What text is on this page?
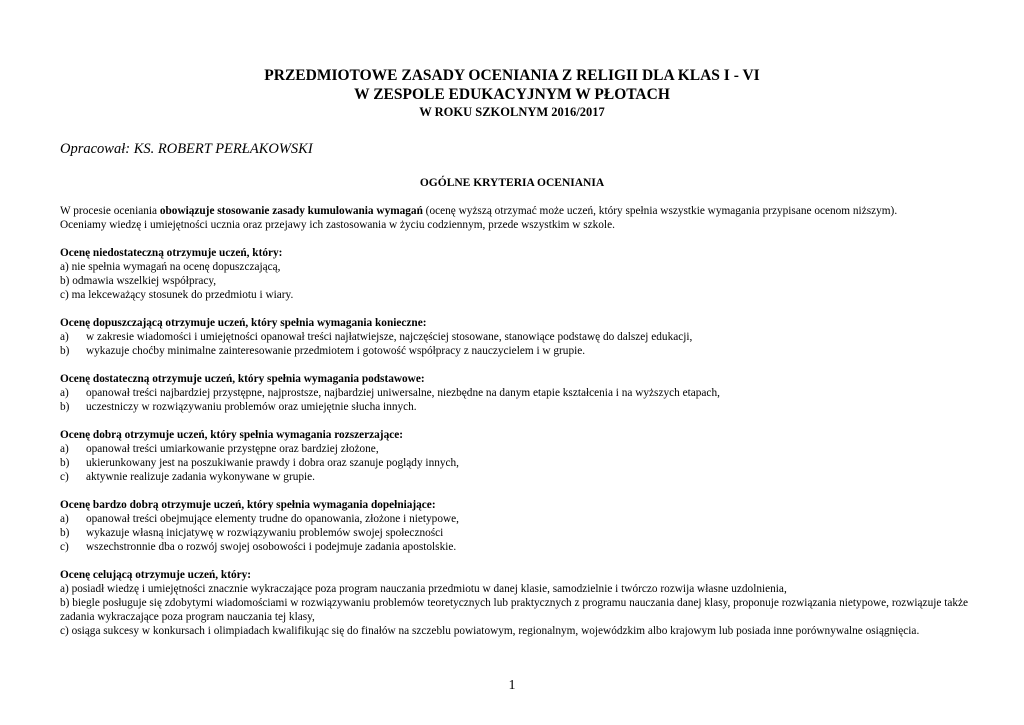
PRZEDMIOTOWE ZASADY OCENIANIA Z RELIGII DLA KLAS I - VI
W ZESPOLE EDUKACYJNYM W PŁOTACH
W ROKU SZKOLNYM 2016/2017
Opracował: KS. ROBERT PERŁAKOWSKI
OGÓLNE KRYTERIA OCENIANIA

W procesie oceniania obowiązuje stosowanie zasady kumulowania wymagań (ocenę wyższą otrzymać może uczeń, który spełnia wszystkie wymagania przypisane ocenom niższym).

Oceniamy wiedzę i umiejętności ucznia oraz przejawy ich zastosowania w życiu codziennym, przede wszystkim w szkole.

Ocenę niedostateczną otrzymuje uczeń, który:
a) nie spełnia wymagań na ocenę dopuszczającą,
b) odmawia wszelkiej współpracy,
c) ma lekceważący stosunek do przedmiotu i wiary.
Ocenę dopuszczającą otrzymuje uczeń, który spełnia wymagania konieczne:
a)	w zakresie wiadomości i umiejętności opanował treści najłatwiejsze, najczęściej stosowane, stanowiące podstawę do dalszej edukacji,
b)	wykazuje choćby minimalne zainteresowanie przedmiotem i gotowość współpracy z nauczycielem i w grupie.
Ocenę dostateczną otrzymuje uczeń, który spełnia wymagania podstawowe:
a)	opanował treści najbardziej przystępne, najprostsze, najbardziej uniwersalne, niezbędne na danym etapie kształcenia i na wyższych etapach,
b)	uczestniczy w rozwiązywaniu problemów oraz umiejętnie słucha innych.
Ocenę dobrą otrzymuje uczeń, który spełnia wymagania rozszerzające:
a)	opanował treści umiarkowanie przystępne oraz bardziej złożone,
b)	ukierunkowany jest na poszukiwanie prawdy i dobra oraz szanuje poglądy innych,
c)	aktywnie realizuje zadania wykonywane w grupie.
Ocenę bardzo dobrą otrzymuje uczeń, który spełnia wymagania dopełniające:
a)	opanował treści obejmujące elementy trudne do opanowania, złożone i nietypowe,
b)	wykazuje własną inicjatywę w rozwiązywaniu problemów swojej społeczności
c)	wszechstronnie dba o rozwój swojej osobowości i podejmuje zadania apostolskie.
Ocenę celującą otrzymuje uczeń, który:
a) posiadł wiedzę i umiejętności znacznie wykraczające poza program nauczania przedmiotu w danej klasie, samodzielnie i twórczo rozwija własne uzdolnienia,
b) biegle posługuje się zdobytymi wiadomościami w rozwiązywaniu problemów teoretycznych lub praktycznych z programu nauczania danej klasy, proponuje rozwiązania nietypowe, rozwiązuje także zadania wykraczające poza program nauczania tej klasy,
c) osiąga sukcesy w konkursach i olimpiadach kwalifikując się do finałów na szczeblu powiatowym, regionalnym, wojewódzkim albo krajowym lub posiada inne porównywalne osiągnięcia.
1
